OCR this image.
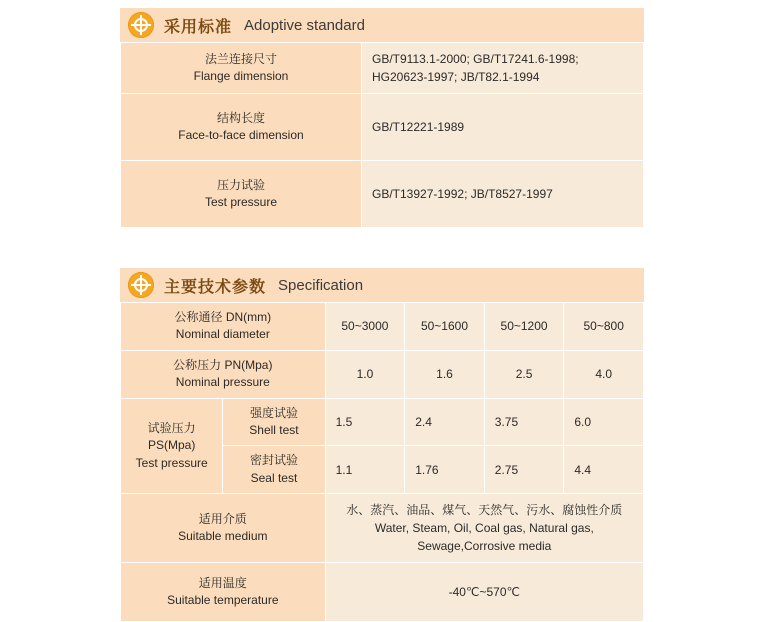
采用标准 Adoptive standard
法兰连接尺寸
Flange dimension	GB/T9113.1-2000; GB/T17241.6-1998;
HG20623-1997; JB/T82.1-1994

结构长度
Face-to-face dimension	GB/T12221-1989

压力试验
Test pressure	GB/T13927-1992; JB/T8527-1997
主要技术参数 Specification
公称通径 DN(mm)
Nominal diameter		50~3000	50~1600	50~1200	50~800

公称压力 PN(Mpa)
Nominal pressure		1.0	1.6	2.5	4.0

试验压力
PS(Mpa)
Test pressure	强度试验
Shell test	1.5	2.4	3.75	6.0

	密封试验
Seal test	1.1	1.76	2.75	4.4

适用介质
Suitable medium		水、蒸汽、油品、煤气、天然气、污水、腐蚀性介质
Water, Steam, Oil, Coal gas, Natural gas,
Sewage,Corrosive media			

适用温度
Suitable temperature		-40℃~570℃			
